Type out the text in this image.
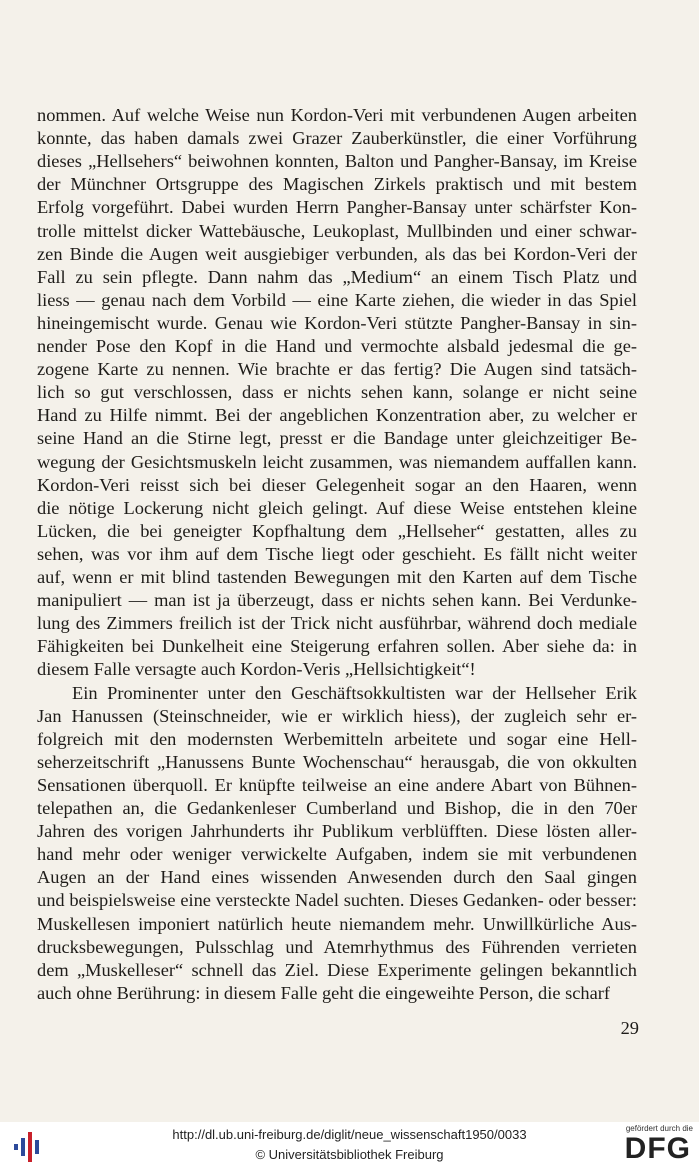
nommen. Auf welche Weise nun Kordon-Veri mit verbundenen Augen arbeiten
konnte, das haben damals zwei Grazer Zauberkünstler, die einer Vorführung
dieses „Hellsehers“ beiwohnen konnten, Balton und Pangher-Bansay, im Kreise
der Münchner Ortsgruppe des Magischen Zirkels praktisch und mit bestem
Erfolg vorgeführt. Dabei wurden Herrn Pangher-Bansay unter schärfster Kon-
trolle mittelst dicker Wattebäusche, Leukoplast, Mullbinden und einer schwar-
zen Binde die Augen weit ausgiebiger verbunden, als das bei Kordon-Veri der
Fall zu sein pflegte. Dann nahm das „Medium“ an einem Tisch Platz und
liess — genau nach dem Vorbild — eine Karte ziehen, die wieder in das Spiel
hineingemischt wurde. Genau wie Kordon-Veri stützte Pangher-Bansay in sin-
nender Pose den Kopf in die Hand und vermochte alsbald jedesmal die ge-
zogene Karte zu nennen. Wie brachte er das fertig? Die Augen sind tatsäch-
lich so gut verschlossen, dass er nichts sehen kann, solange er nicht seine
Hand zu Hilfe nimmt. Bei der angeblichen Konzentration aber, zu welcher er
seine Hand an die Stirne legt, presst er die Bandage unter gleichzeitiger Be-
wegung der Gesichtsmuskeln leicht zusammen, was niemandem auffallen kann.
Kordon-Veri reisst sich bei dieser Gelegenheit sogar an den Haaren, wenn
die nötige Lockerung nicht gleich gelingt. Auf diese Weise entstehen kleine
Lücken, die bei geneigter Kopfhaltung dem „Hellseher“ gestatten, alles zu
sehen, was vor ihm auf dem Tische liegt oder geschieht. Es fällt nicht weiter
auf, wenn er mit blind tastenden Bewegungen mit den Karten auf dem Tische
manipuliert — man ist ja überzeugt, dass er nichts sehen kann. Bei Verdunke-
lung des Zimmers freilich ist der Trick nicht ausführbar, während doch mediale
Fähigkeiten bei Dunkelheit eine Steigerung erfahren sollen. Aber siehe da: in
diesem Falle versagte auch Kordon-Veris „Hellsichtigkeit“!
Ein Prominenter unter den Geschäftsokkultisten war der Hellseher Erik
Jan Hanussen (Steinschneider, wie er wirklich hiess), der zugleich sehr er-
folgreich mit den modernsten Werbemitteln arbeitete und sogar eine Hell-
seherzeitschrift „Hanussens Bunte Wochenschau“ herausgab, die von okkulten
Sensationen überquoll. Er knüpfte teilweise an eine andere Abart von Bühnen-
telepathen an, die Gedankenleser Cumberland und Bishop, die in den 70er
Jahren des vorigen Jahrhunderts ihr Publikum verblüfften. Diese lösten aller-
hand mehr oder weniger verwickelte Aufgaben, indem sie mit verbundenen
Augen an der Hand eines wissenden Anwesenden durch den Saal gingen
und beispielsweise eine versteckte Nadel suchten. Dieses Gedanken- oder besser:
Muskellesen imponiert natürlich heute niemandem mehr. Unwillkürliche Aus-
drucksbewegungen, Pulsschlag und Atemrhythmus des Führenden verrieten
dem „Muskelleser“ schnell das Ziel. Diese Experimente gelingen bekanntlich
auch ohne Berührung: in diesem Falle geht die eingeweihte Person, die scharf
29
http://dl.ub.uni-freiburg.de/diglit/neue_wissenschaft1950/0033
© Universitätsbibliothek Freiburg
gefördert durch die
DFG
